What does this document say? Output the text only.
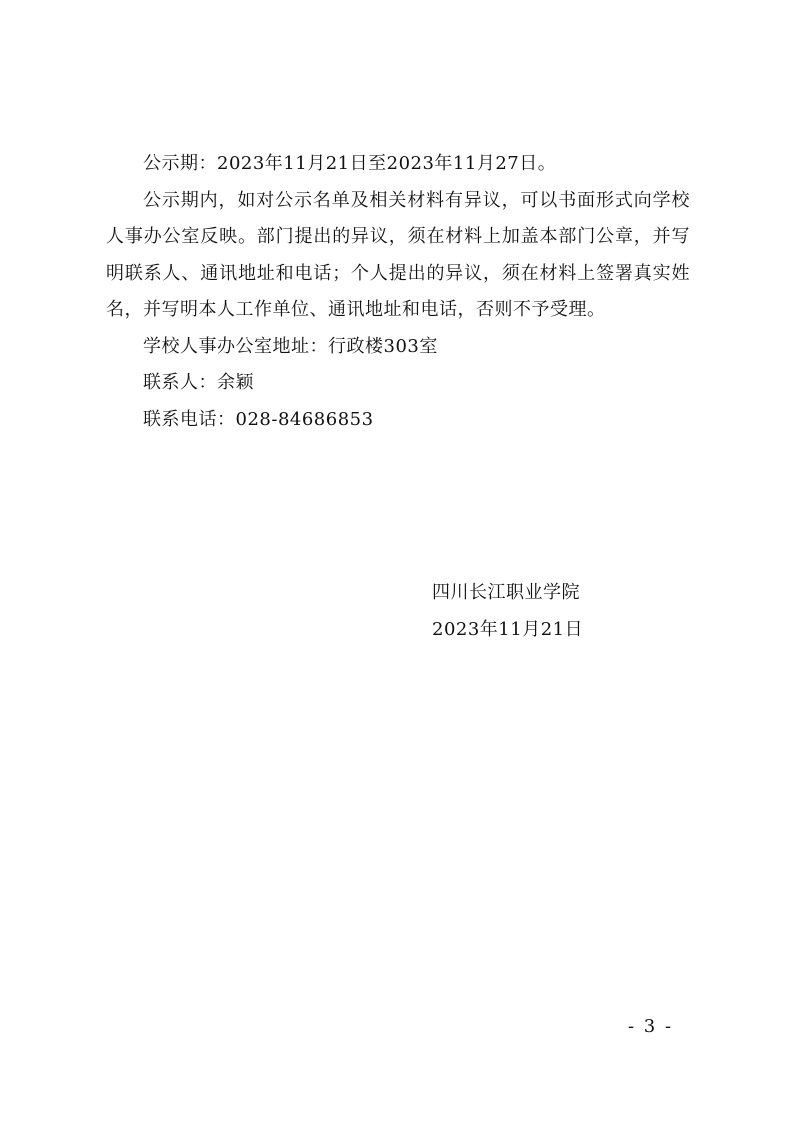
公示期：2023年11月21日至2023年11月27日。

公示期内，如对公示名单及相关材料有异议，可以书面形式向学校人事办公室反映。部门提出的异议，须在材料上加盖本部门公章，并写明联系人、通讯地址和电话；个人提出的异议，须在材料上签署真实姓名，并写明本人工作单位、通讯地址和电话，否则不予受理。

学校人事办公室地址：行政楼303室

联系人：余颖

联系电话：028-84686853

四川长江职业学院

2023年11月21日

- 3 -
